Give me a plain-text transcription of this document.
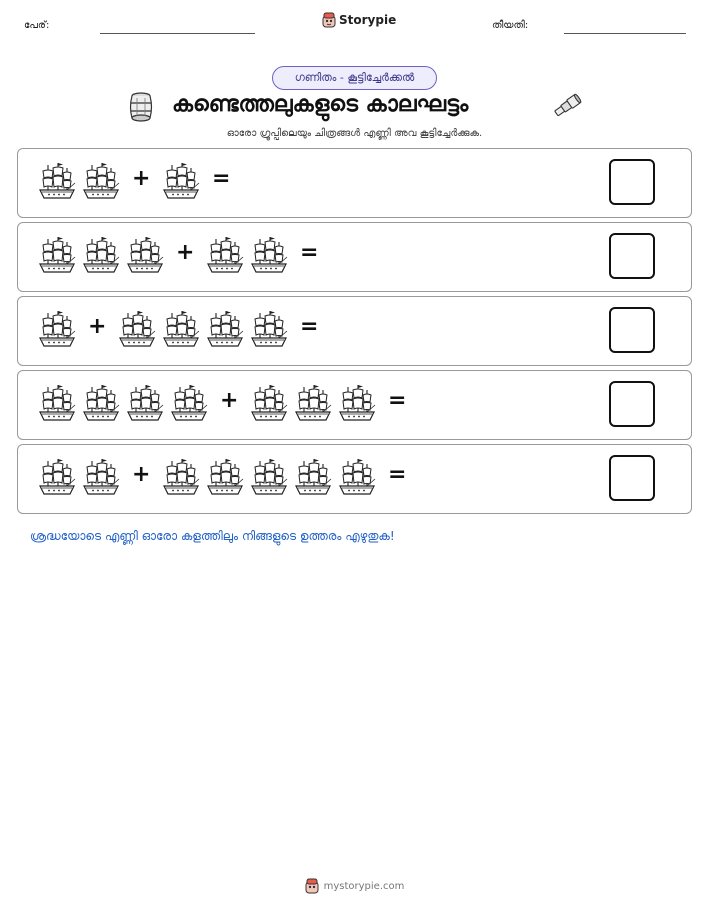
പേര്:	Storypie	തീയതി:
ഗണിതം - കൂട്ടിച്ചേർക്കൽ
കണ്ടെത്തലുകളുടെ കാലഘട്ടം
ഓരോ ഗ്രൂപ്പിലെയും ചിത്രങ്ങൾ എണ്ണി അവ കൂട്ടിച്ചേർക്കുക.
+	=
+	=
+	=
+	=
+	=
ശ്രദ്ധയോടെ എണ്ണി ഓരോ കളത്തിലും നിങ്ങളുടെ ഉത്തരം എഴുതുക!
mystorypie.com
